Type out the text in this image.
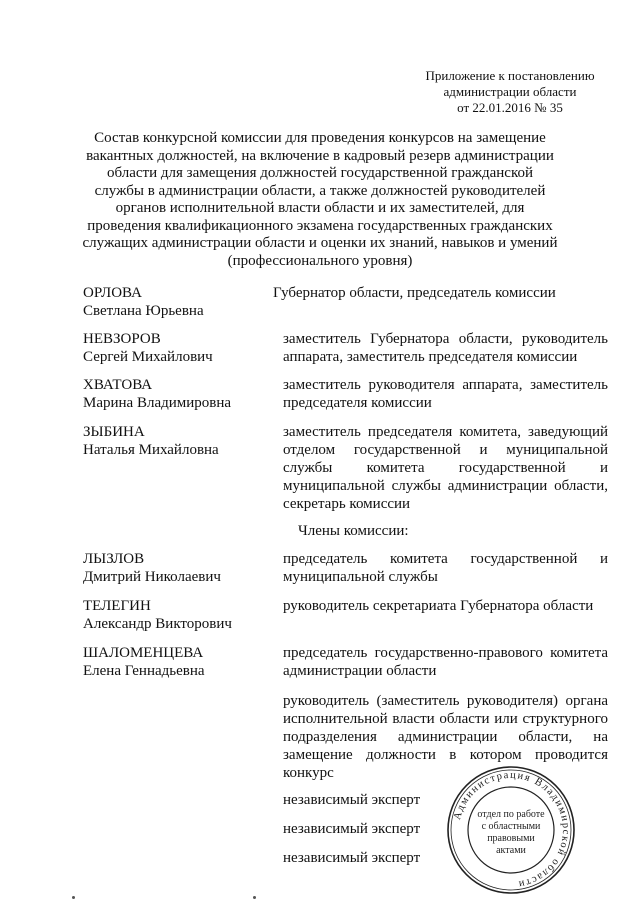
Приложение к постановлению
администрации области
от 22.01.2016 № 35
Состав конкурсной комиссии для проведения конкурсов на замещение вакантных должностей, на включение в кадровый резерв администрации области для замещения должностей государственной гражданской службы в администрации области, а также должностей руководителей органов исполнительной власти области и их заместителей, для проведения квалификационного экзамена государственных гражданских служащих администрации области и оценки их знаний, навыков и умений (профессионального уровня)
ОРЛОВА
Светлана Юрьевна
Губернатор области, председатель комиссии
НЕВЗОРОВ
Сергей Михайлович
заместитель Губернатора области, руководитель аппарата, заместитель председателя комиссии
ХВАТОВА
Марина Владимировна
заместитель руководителя аппарата, заместитель председателя комиссии
ЗЫБИНА
Наталья Михайловна
заместитель председателя комитета, заведующий отделом государственной и муниципальной службы комитета государственной и муниципальной службы администрации области, секретарь комиссии
Члены комиссии:
ЛЫЗЛОВ
Дмитрий Николаевич
председатель комитета государственной и муниципальной службы
ТЕЛЕГИН
Александр Викторович
руководитель секретариата Губернатора области
ШАЛОМЕНЦЕВА
Елена Геннадьевна
председатель государственно-правового комитета администрации области
руководитель (заместитель руководителя) органа исполнительной власти области или структурного подразделения администрации области, на замещение должности в котором проводится конкурс
независимый эксперт
независимый эксперт
независимый эксперт
Администрация Владимирской области
отдел по работе
с областными
правовыми
актами
